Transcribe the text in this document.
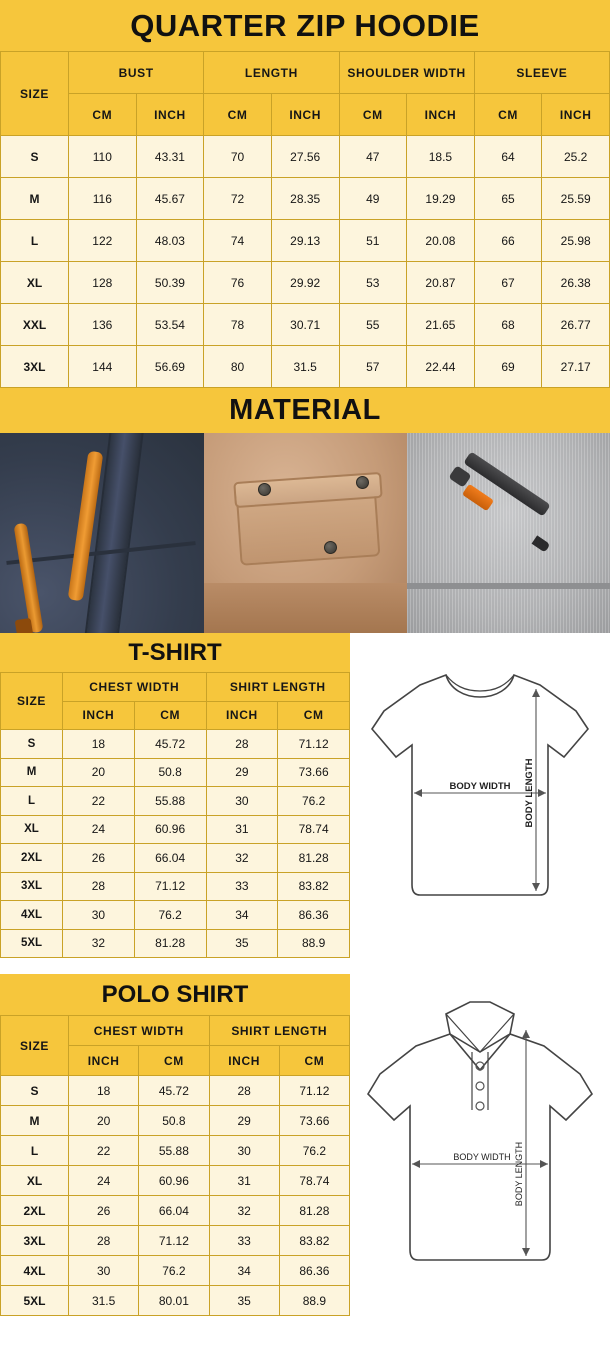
QUARTER ZIP HOODIE
SIZE	BUST		LENGTH		SHOULDER WIDTH		SLEEVE	
	CM	INCH	CM	INCH	CM	INCH	CM	INCH
S	110	43.31	70	27.56	47	18.5	64	25.2
M	116	45.67	72	28.35	49	19.29	65	25.59
L	122	48.03	74	29.13	51	20.08	66	25.98
XL	128	50.39	76	29.92	53	20.87	67	26.38
XXL	136	53.54	78	30.71	55	21.65	68	26.77
3XL	144	56.69	80	31.5	57	22.44	69	27.17
MATERIAL
T-SHIRT
SIZE	CHEST WIDTH		SHIRT LENGTH	
	INCH	CM	INCH	CM
S	18	45.72	28	71.12
M	20	50.8	29	73.66
L	22	55.88	30	76.2
XL	24	60.96	31	78.74
2XL	26	66.04	32	81.28
3XL	28	71.12	33	83.82
4XL	30	76.2	34	86.36
5XL	32	81.28	35	88.9
BODY WIDTH BODY LENGTH
POLO SHIRT
SIZE	CHEST WIDTH		SHIRT LENGTH	
	INCH	CM	INCH	CM
S	18	45.72	28	71.12
M	20	50.8	29	73.66
L	22	55.88	30	76.2
XL	24	60.96	31	78.74
2XL	26	66.04	32	81.28
3XL	28	71.12	33	83.82
4XL	30	76.2	34	86.36
5XL	31.5	80.01	35	88.9
BODY WIDTH BODY LENGTH
